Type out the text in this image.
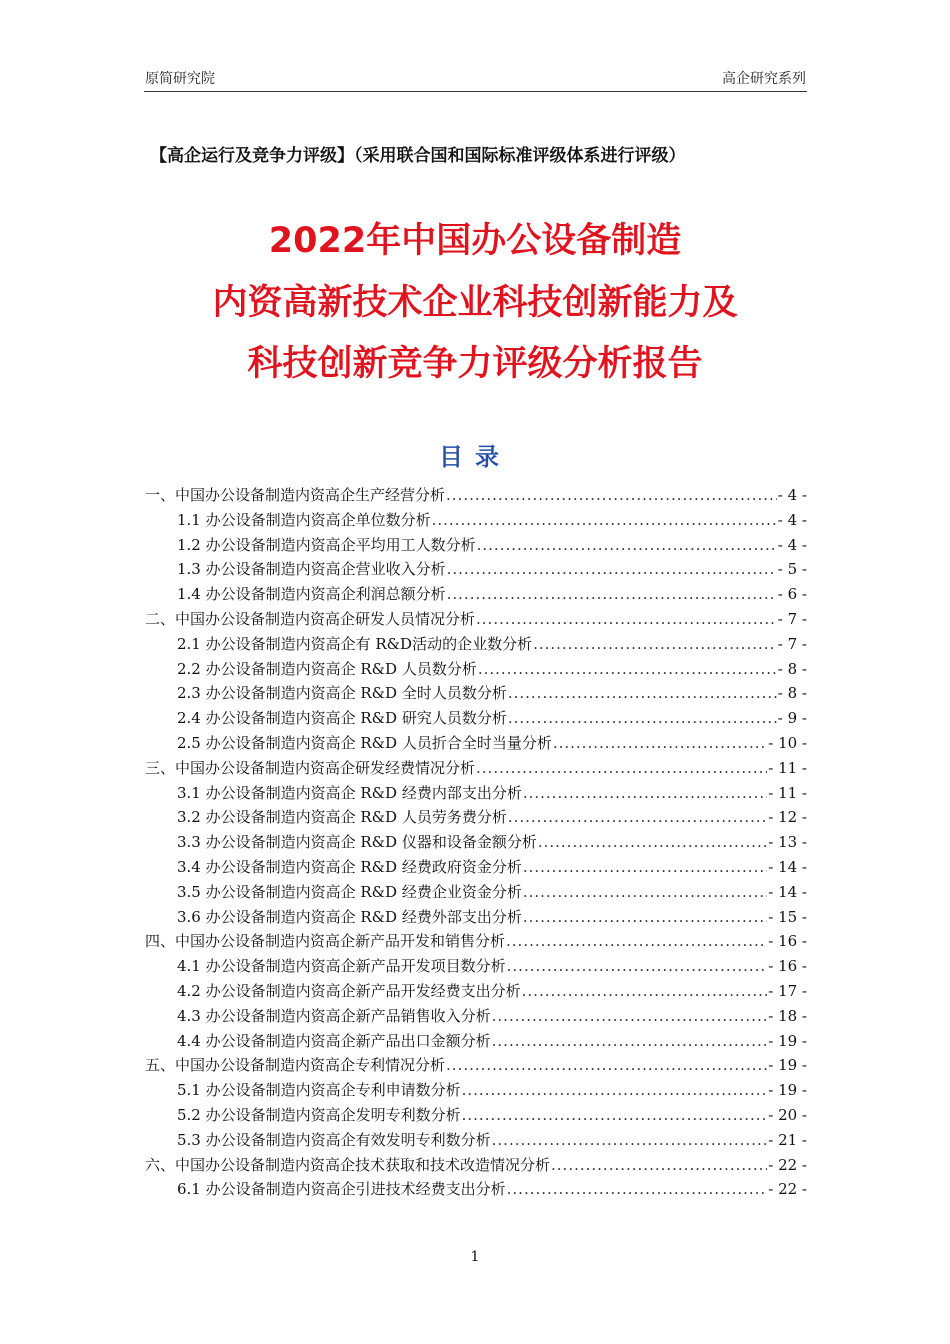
原简研究院	高企研究系列
【高企运行及竞争力评级】（采用联合国和国际标准评级体系进行评级）
2022年中国办公设备制造
内资高新技术企业科技创新能力及
科技创新竞争力评级分析报告
目录
一、中国办公设备制造内资高企生产经营分析 .....	- 4 -
1.1 办公设备制造内资高企单位数分析 .....	- 4 -
1.2 办公设备制造内资高企平均用工人数分析 .....	- 4 -
1.3 办公设备制造内资高企营业收入分析 .....	- 5 -
1.4 办公设备制造内资高企利润总额分析 .....	- 6 -
二、中国办公设备制造内资高企研发人员情况分析 .....	- 7 -
2.1 办公设备制造内资高企有 R&D活动的企业数分析 .....	- 7 -
2.2 办公设备制造内资高企 R&D 人员数分析 .....	- 8 -
2.3 办公设备制造内资高企 R&D 全时人员数分析 .....	- 8 -
2.4 办公设备制造内资高企 R&D 研究人员数分析 .....	- 9 -
2.5 办公设备制造内资高企 R&D 人员折合全时当量分析 .....	- 10 -
三、中国办公设备制造内资高企研发经费情况分析 .....	- 11 -
3.1 办公设备制造内资高企 R&D 经费内部支出分析 .....	- 11 -
3.2 办公设备制造内资高企 R&D 人员劳务费分析 .....	- 12 -
3.3 办公设备制造内资高企 R&D 仪器和设备金额分析 .....	- 13 -
3.4 办公设备制造内资高企 R&D 经费政府资金分析 .....	- 14 -
3.5 办公设备制造内资高企 R&D 经费企业资金分析 .....	- 14 -
3.6 办公设备制造内资高企 R&D 经费外部支出分析 .....	- 15 -
四、中国办公设备制造内资高企新产品开发和销售分析 .....	- 16 -
4.1 办公设备制造内资高企新产品开发项目数分析 .....	- 16 -
4.2 办公设备制造内资高企新产品开发经费支出分析 .....	- 17 -
4.3 办公设备制造内资高企新产品销售收入分析 .....	- 18 -
4.4 办公设备制造内资高企新产品出口金额分析 .....	- 19 -
五、中国办公设备制造内资高企专利情况分析 .....	- 19 -
5.1 办公设备制造内资高企专利申请数分析 .....	- 19 -
5.2 办公设备制造内资高企发明专利数分析 .....	- 20 -
5.3 办公设备制造内资高企有效发明专利数分析 .....	- 21 -
六、中国办公设备制造内资高企技术获取和技术改造情况分析 .....	- 22 -
6.1 办公设备制造内资高企引进技术经费支出分析 .....	- 22 -
1
